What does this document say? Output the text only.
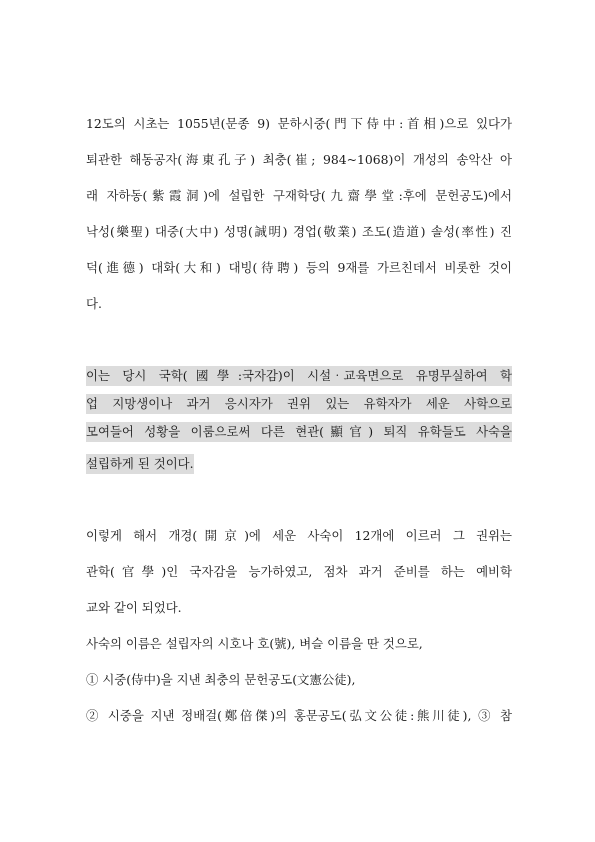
12도의 시초는 1055년(문종 9) 문하시중(門下侍中:首相)으로 있다가
퇴관한 해동공자(海東孔子) 최충(崔; 984~1068)이 개성의 송악산 아
래 자하동(紫霞洞)에 설립한 구재학당(九齋學堂:후에 문헌공도)에서
낙성(樂聖) 대중(大中) 성명(誠明) 경업(敬業) 조도(造道) 솔성(率性) 진
덕(進德) 대화(大和) 대빙(待聘) 등의 9재를 가르친데서 비롯한 것이
다.
이는 당시 국학(國學:국자감)이 시설‧교육면으로 유명무실하여 학
업 지망생이나 과거 응시자가 권위 있는 유학자가 세운 사학으로
모여들어 성황을 이룸으로써 다른 현관(顯官) 퇴직 유학들도 사숙을
설립하게 된 것이다.
이렇게 해서 개경(開京)에 세운 사숙이 12개에 이르러 그 권위는
관학(官學)인 국자감을 능가하였고, 점차 과거 준비를 하는 예비학
교와 같이 되었다.
사숙의 이름은 설립자의 시호나 호(號), 벼슬 이름을 딴 것으로,
① 시중(侍中)을 지낸 최충의 문헌공도(文憲公徒),
② 시중을 지낸 정배걸(鄭倍傑)의 홍문공도(弘文公徒:熊川徒), ③ 참
